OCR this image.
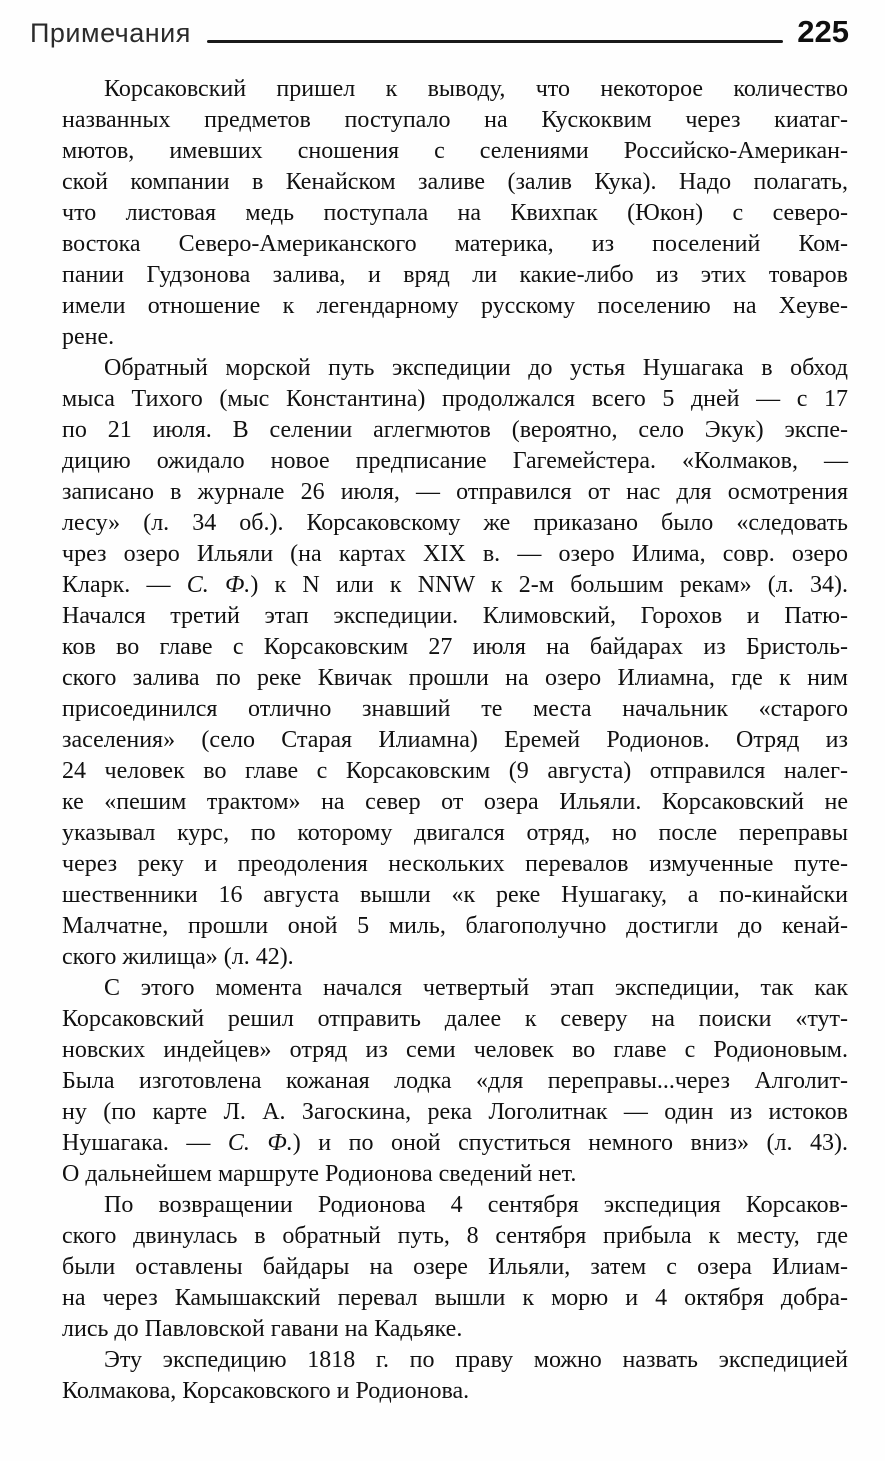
Примечания	225
Корсаковский пришел к выводу, что некоторое количество
названных предметов поступало на Кускоквим через киатаг-
мютов, имевших сношения с селениями Российско-Американ-
ской компании в Кенайском заливе (залив Кука). Надо полагать,
что листовая медь поступала на Квихпак (Юкон) с северо-
востока Северо-Американского материка, из поселений Ком-
пании Гудзонова залива, и вряд ли какие-либо из этих товаров
имели отношение к легендарному русскому поселению на Хеуве-
рене.
Обратный морской путь экспедиции до устья Нушагака в обход
мыса Тихого (мыс Константина) продолжался всего 5 дней — с 17
по 21 июля. В селении аглегмютов (вероятно, село Экук) экспе-
дицию ожидало новое предписание Гагемейстера. «Колмаков, —
записано в журнале 26 июля, — отправился от нас для осмотрения
лесу» (л. 34 об.). Корсаковскому же приказано было «следовать
чрез озеро Ильяли (на картах XIX в. — озеро Илима, совр. озеро
Кларк. — С. Ф.) к N или к NNW к 2-м большим рекам» (л. 34).
Начался третий этап экспедиции. Климовский, Горохов и Патю-
ков во главе с Корсаковским 27 июля на байдарах из Бристоль-
ского залива по реке Квичак прошли на озеро Илиамна, где к ним
присоединился отлично знавший те места начальник «старого
заселения» (село Старая Илиамна) Еремей Родионов. Отряд из
24 человек во главе с Корсаковским (9 августа) отправился налег-
ке «пешим трактом» на север от озера Ильяли. Корсаковский не
указывал курс, по которому двигался отряд, но после переправы
через реку и преодоления нескольких перевалов измученные путе-
шественники 16 августа вышли «к реке Нушагаку, а по-кинайски
Малчатне, прошли оной 5 миль, благополучно достигли до кенай-
ского жилища» (л. 42).
С этого момента начался четвертый этап экспедиции, так как
Корсаковский решил отправить далее к северу на поиски «тут-
новских индейцев» отряд из семи человек во главе с Родионовым.
Была изготовлена кожаная лодка «для переправы...через Алголит-
ну (по карте Л. А. Загоскина, река Логолитнак — один из истоков
Нушагака. — С. Ф.) и по оной спуститься немного вниз» (л. 43).
О дальнейшем маршруте Родионова сведений нет.
По возвращении Родионова 4 сентября экспедиция Корсаков-
ского двинулась в обратный путь, 8 сентября прибыла к месту, где
были оставлены байдары на озере Ильяли, затем с озера Илиам-
на через Камышакский перевал вышли к морю и 4 октября добра-
лись до Павловской гавани на Кадьяке.
Эту экспедицию 1818 г. по праву можно назвать экспедицией
Колмакова, Корсаковского и Родионова.
